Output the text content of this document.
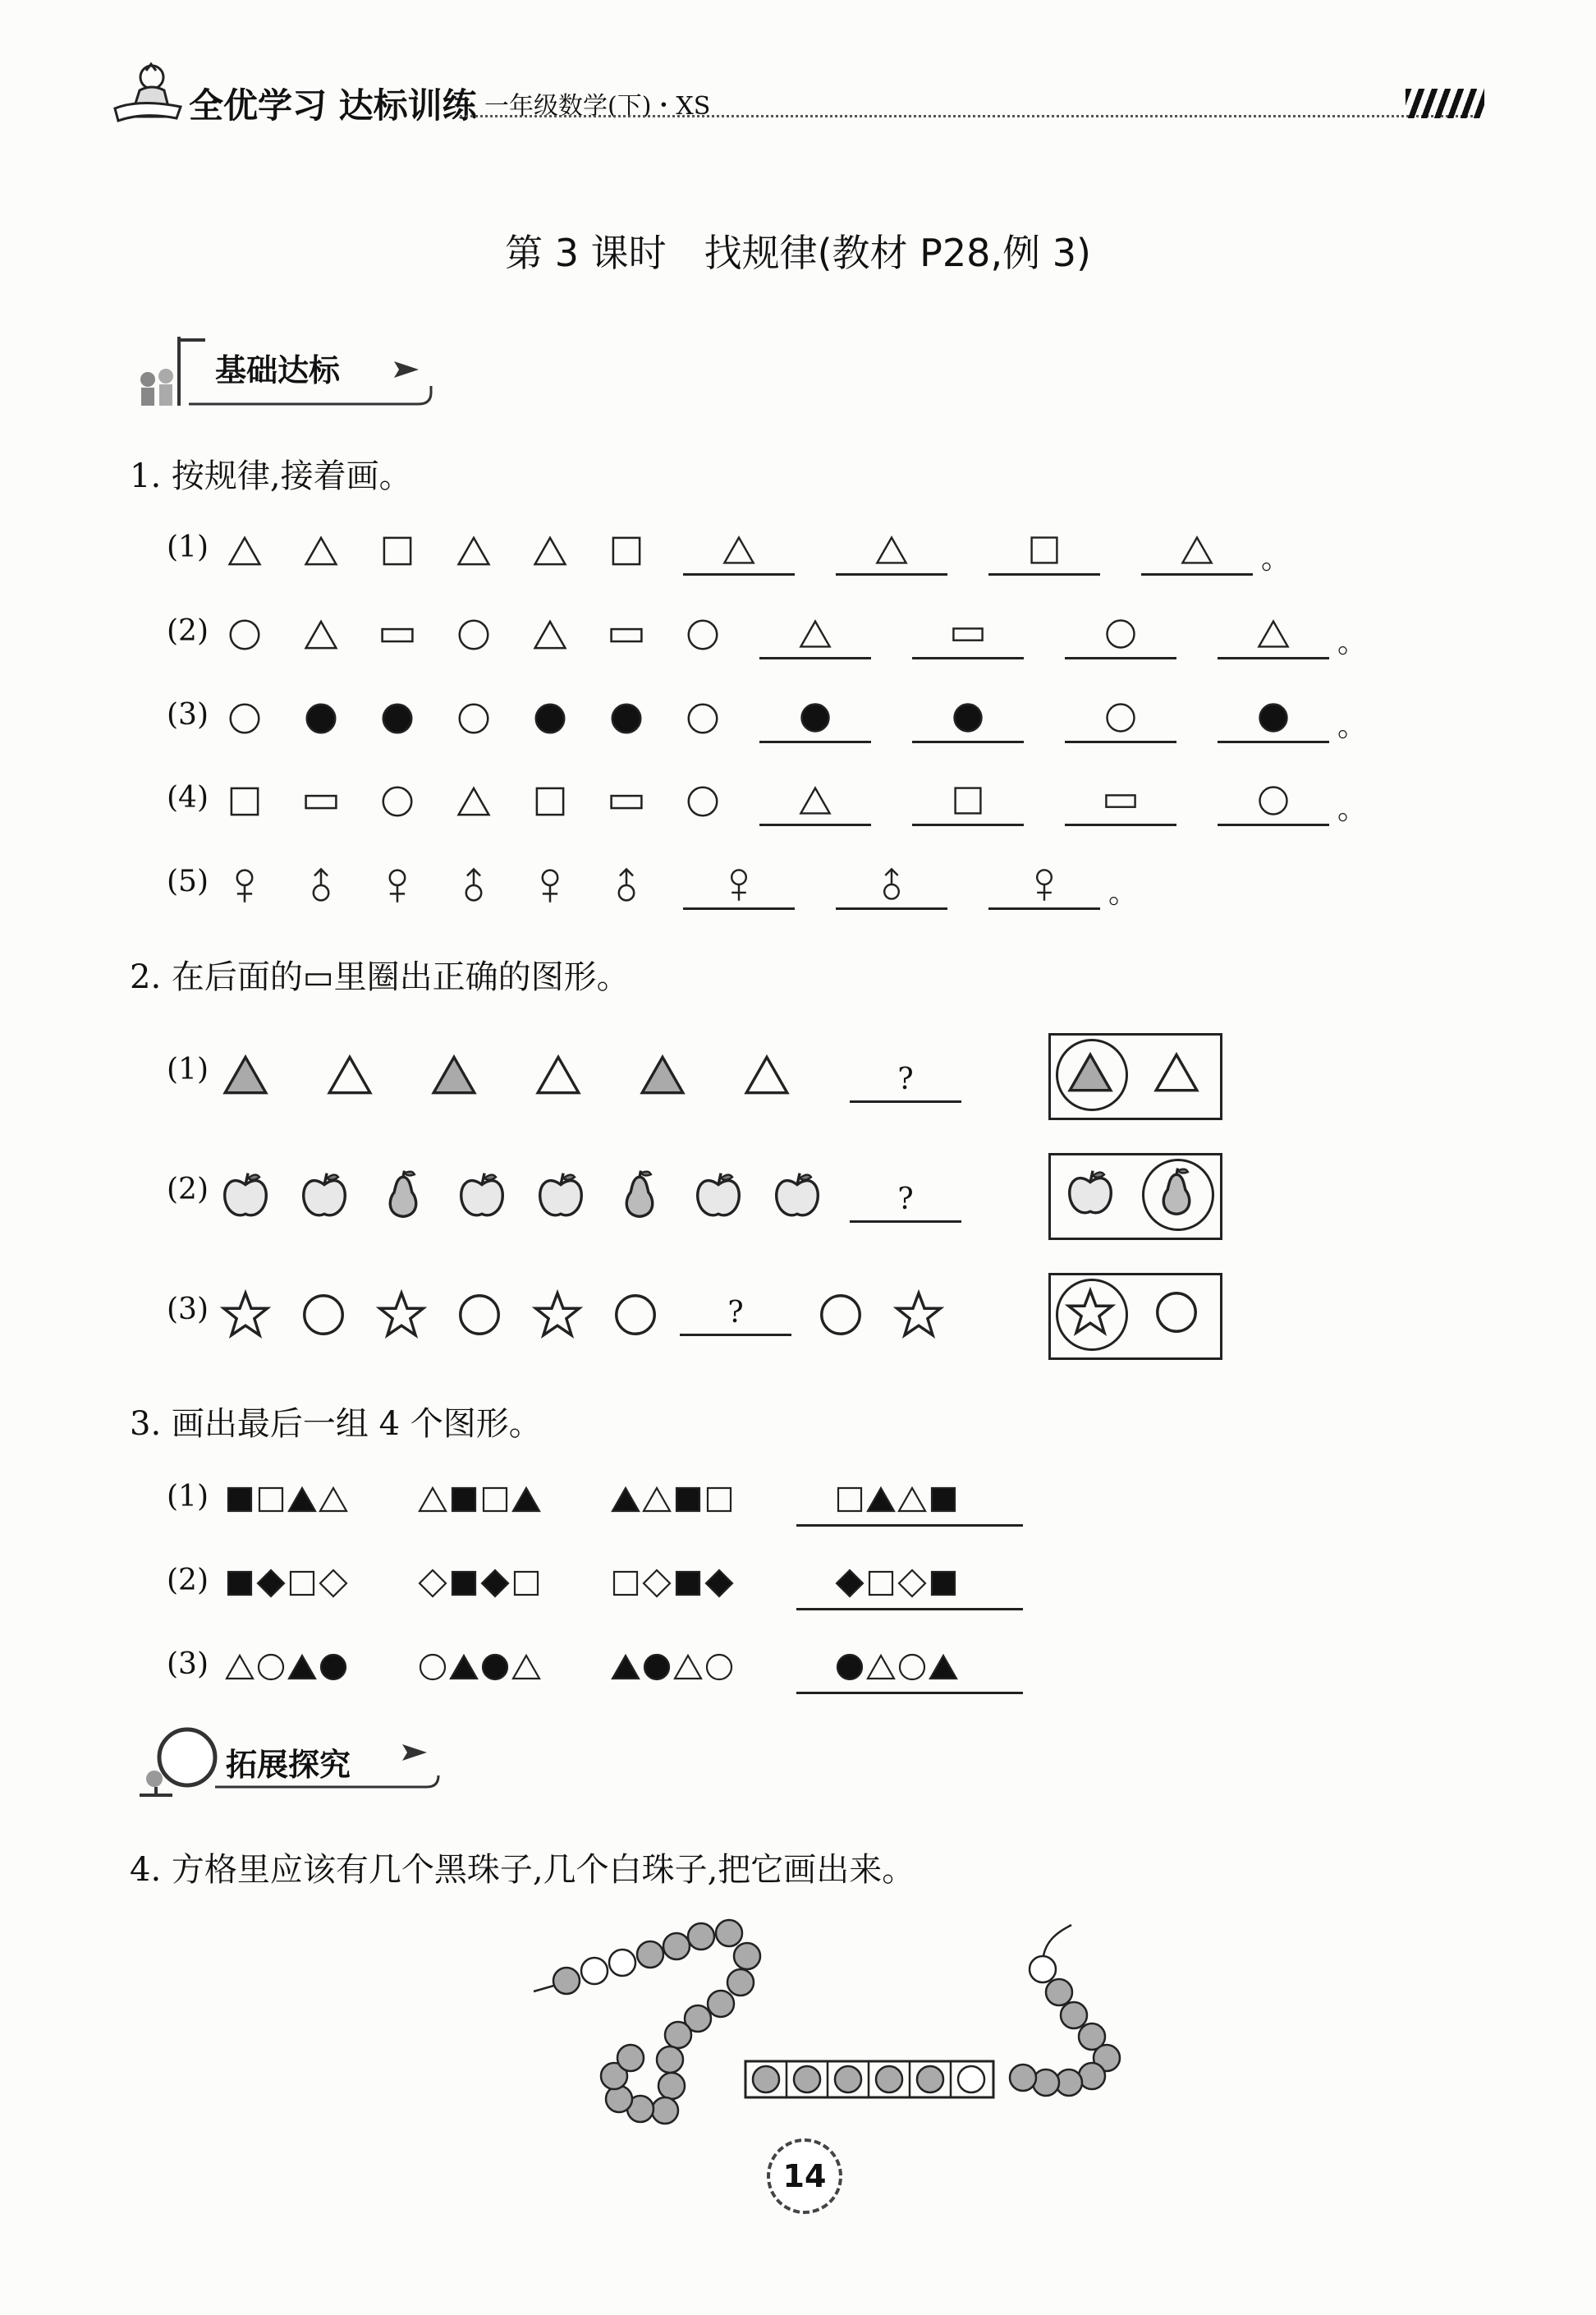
全优学习 达标训练 一年级数学(下)・XS
第 3 课时　找规律(教材 P28,例 3)
基础达标
1. 按规律,接着画。
2. 在后面的▭里圈出正确的图形。
3. 画出最后一组 4 个图形。
拓展探究
4. 方格里应该有几个黑珠子,几个白珠子,把它画出来。
14
(1)	。
(2)	。
(3)	。
(4)	。
(5)	。
(1)	?
(2)	?
(3)	?
(1)
(2)
(3)
